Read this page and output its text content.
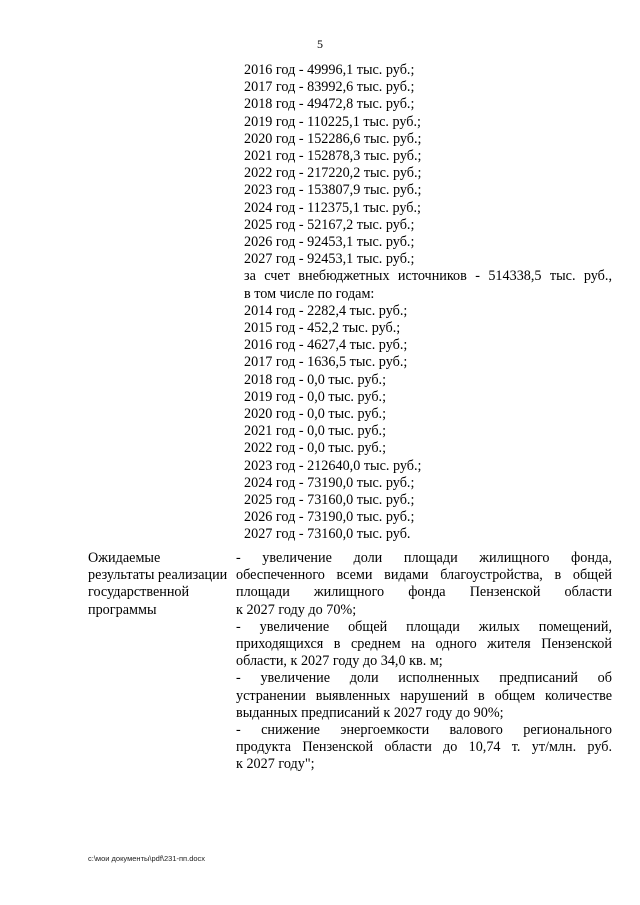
5
2016 год - 49996,1 тыс. руб.;
2017 год - 83992,6 тыс. руб.;
2018 год - 49472,8 тыс. руб.;
2019 год - 110225,1 тыс. руб.;
2020 год - 152286,6 тыс. руб.;
2021 год - 152878,3 тыс. руб.;
2022 год - 217220,2 тыс. руб.;
2023 год - 153807,9 тыс. руб.;
2024 год - 112375,1 тыс. руб.;
2025 год - 52167,2 тыс. руб.;
2026 год - 92453,1 тыс. руб.;
2027 год - 92453,1 тыс. руб.;
за счет внебюджетных источников - 514338,5 тыс. руб.,
в том числе по годам:
2014 год - 2282,4 тыс. руб.;
2015 год - 452,2 тыс. руб.;
2016 год - 4627,4 тыс. руб.;
2017 год - 1636,5 тыс. руб.;
2018 год - 0,0 тыс. руб.;
2019 год - 0,0 тыс. руб.;
2020 год - 0,0 тыс. руб.;
2021 год - 0,0 тыс. руб.;
2022 год - 0,0 тыс. руб.;
2023 год - 212640,0 тыс. руб.;
2024 год - 73190,0 тыс. руб.;
2025 год - 73160,0 тыс. руб.;
2026 год - 73190,0 тыс. руб.;
2027 год - 73160,0 тыс. руб.
Ожидаемые
результаты реализации
государственной
программы
- увеличение доли площади жилищного фонда,
обеспеченного всеми видами благоустройства, в общей
площади жилищного фонда Пензенской области
к 2027 году до 70%;
- увеличение общей площади жилых помещений,
приходящихся в среднем на одного жителя Пензенской
области, к 2027 году до 34,0 кв. м;
- увеличение доли исполненных предписаний об
устранении выявленных нарушений в общем количестве
выданных предписаний к 2027 году до 90%;
- снижение энергоемкости валового регионального
продукта Пензенской области до 10,74 т. ут/млн. руб.
к 2027 году";
c:\мои документы\pdf\231-пп.docx
